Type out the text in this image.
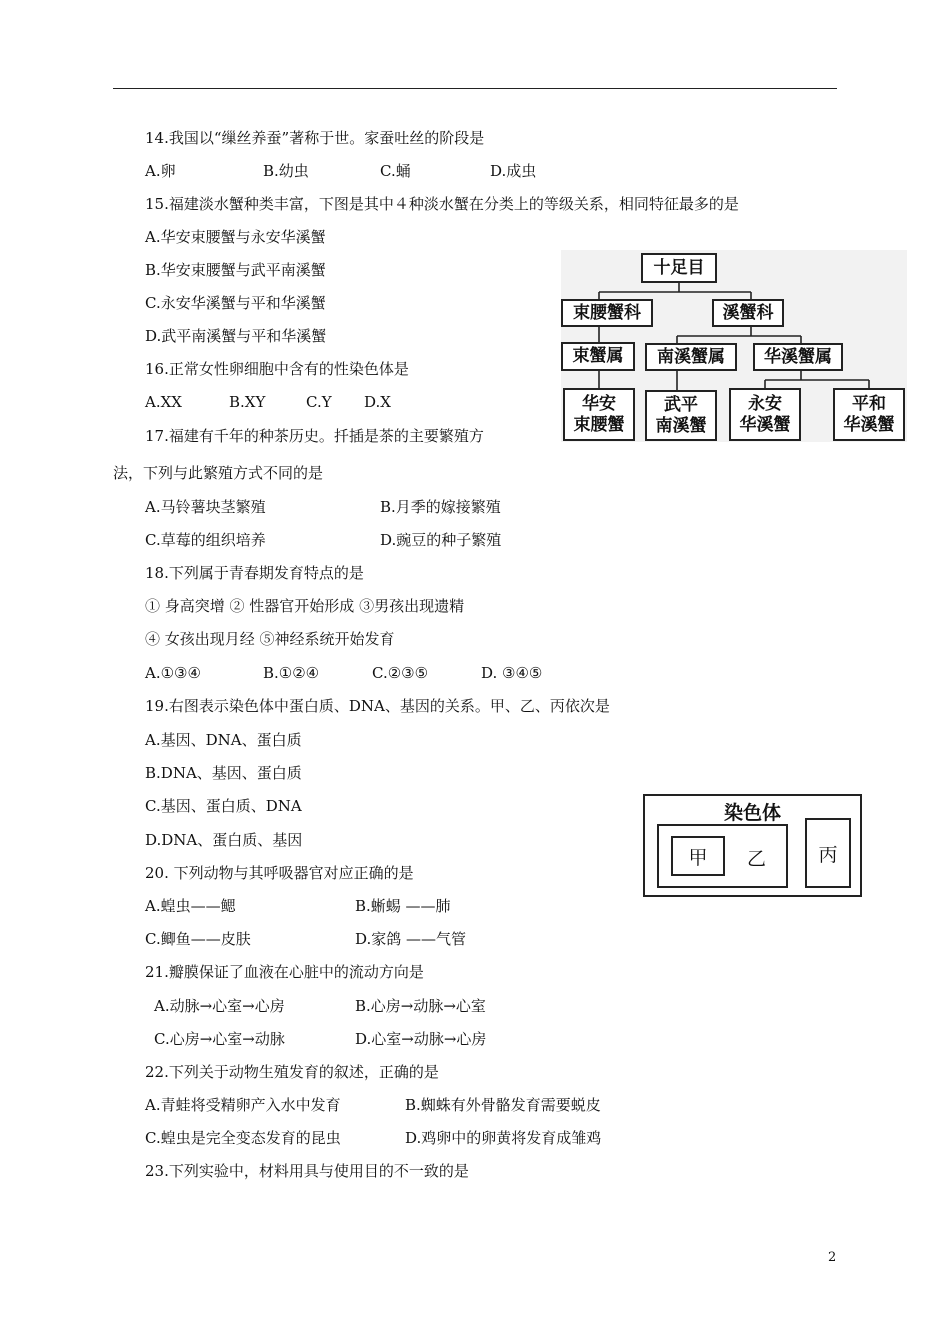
14.我国以“缫丝养蚕”著称于世。家蚕吐丝的阶段是
A.卵	B.幼虫	C.蛹	D.成虫
15.福建淡水蟹种类丰富，下图是其中４种淡水蟹在分类上的等级关系，相同特征最多的是
A.华安束腰蟹与永安华溪蟹
B.华安束腰蟹与武平南溪蟹
C.永安华溪蟹与平和华溪蟹
D.武平南溪蟹与平和华溪蟹
十足目
束腰蟹科	溪蟹科
束蟹属	南溪蟹属	华溪蟹属
华安
束腰蟹
武平
南溪蟹
永安
华溪蟹
平和
华溪蟹
16.正常女性卵细胞中含有的性染色体是
A.XX	B.XY	C.Y D.X
17.福建有千年的种茶历史。扦插是茶的主要繁殖方
法，下列与此繁殖方式不同的是
A.马铃薯块茎繁殖	B.月季的嫁接繁殖
C.草莓的组织培养	D.豌豆的种子繁殖
18.下列属于青春期发育特点的是
① 身高突增 ② 性器官开始形成 ③男孩出现遗精
④ 女孩出现月经 ⑤神经系统开始发育
A.①③④	B.①②④	C.②③⑤	D. ③④⑤
19.右图表示染色体中蛋白质、DNA、基因的关系。甲、乙、丙依次是
A.基因、DNA、蛋白质
B.DNA、基因、蛋白质
C.基因、蛋白质、DNA
D.DNA、蛋白质、基因
染色体
甲	乙	丙
20. 下列动物与其呼吸器官对应正确的是
A.蝗虫——鳃	B.蜥蜴 ——肺
C.鲫鱼——皮肤	D.家鸽 ——气管
21.瓣膜保证了血液在心脏中的流动方向是
A.动脉→心室→心房	B.心房→动脉→心室
C.心房→心室→动脉	D.心室→动脉→心房
22.下列关于动物生殖发育的叙述，正确的是
A.青蛙将受精卵产入水中发育	B.蜘蛛有外骨骼发育需要蜕皮
C.蝗虫是完全变态发育的昆虫	D.鸡卵中的卵黄将发育成雏鸡
23.下列实验中，材料用具与使用目的不一致的是
2
